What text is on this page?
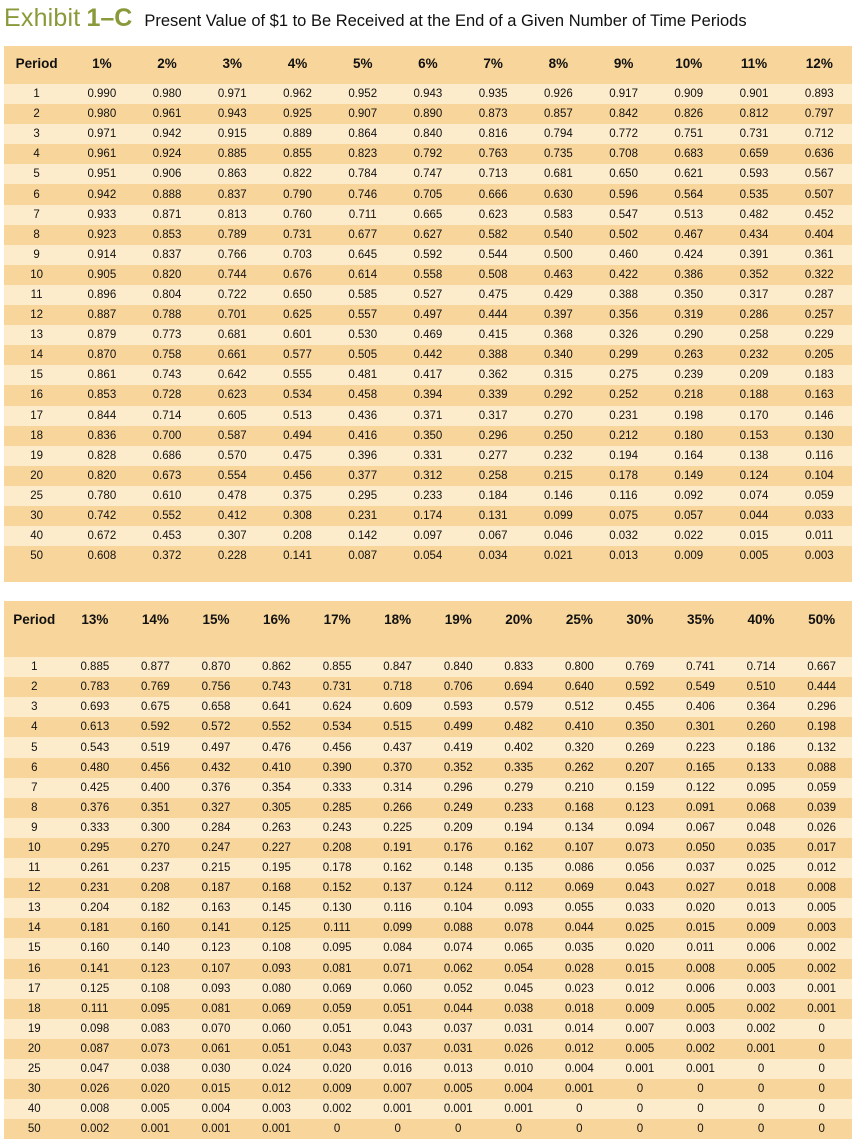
Exhibit 1–C Present Value of $1 to Be Received at the End of a Given Number of Time Periods
Period	1%	2%	3%	4%	5%	6%	7%	8%	9%	10%	11%	12%

1	0.990	0.980	0.971	0.962	0.952	0.943	0.935	0.926	0.917	0.909	0.901	0.893
2	0.980	0.961	0.943	0.925	0.907	0.890	0.873	0.857	0.842	0.826	0.812	0.797
3	0.971	0.942	0.915	0.889	0.864	0.840	0.816	0.794	0.772	0.751	0.731	0.712
4	0.961	0.924	0.885	0.855	0.823	0.792	0.763	0.735	0.708	0.683	0.659	0.636
5	0.951	0.906	0.863	0.822	0.784	0.747	0.713	0.681	0.650	0.621	0.593	0.567
6	0.942	0.888	0.837	0.790	0.746	0.705	0.666	0.630	0.596	0.564	0.535	0.507
7	0.933	0.871	0.813	0.760	0.711	0.665	0.623	0.583	0.547	0.513	0.482	0.452
8	0.923	0.853	0.789	0.731	0.677	0.627	0.582	0.540	0.502	0.467	0.434	0.404
9	0.914	0.837	0.766	0.703	0.645	0.592	0.544	0.500	0.460	0.424	0.391	0.361
10	0.905	0.820	0.744	0.676	0.614	0.558	0.508	0.463	0.422	0.386	0.352	0.322
11	0.896	0.804	0.722	0.650	0.585	0.527	0.475	0.429	0.388	0.350	0.317	0.287
12	0.887	0.788	0.701	0.625	0.557	0.497	0.444	0.397	0.356	0.319	0.286	0.257
13	0.879	0.773	0.681	0.601	0.530	0.469	0.415	0.368	0.326	0.290	0.258	0.229
14	0.870	0.758	0.661	0.577	0.505	0.442	0.388	0.340	0.299	0.263	0.232	0.205
15	0.861	0.743	0.642	0.555	0.481	0.417	0.362	0.315	0.275	0.239	0.209	0.183
16	0.853	0.728	0.623	0.534	0.458	0.394	0.339	0.292	0.252	0.218	0.188	0.163
17	0.844	0.714	0.605	0.513	0.436	0.371	0.317	0.270	0.231	0.198	0.170	0.146
18	0.836	0.700	0.587	0.494	0.416	0.350	0.296	0.250	0.212	0.180	0.153	0.130
19	0.828	0.686	0.570	0.475	0.396	0.331	0.277	0.232	0.194	0.164	0.138	0.116
20	0.820	0.673	0.554	0.456	0.377	0.312	0.258	0.215	0.178	0.149	0.124	0.104
25	0.780	0.610	0.478	0.375	0.295	0.233	0.184	0.146	0.116	0.092	0.074	0.059
30	0.742	0.552	0.412	0.308	0.231	0.174	0.131	0.099	0.075	0.057	0.044	0.033
40	0.672	0.453	0.307	0.208	0.142	0.097	0.067	0.046	0.032	0.022	0.015	0.011
50	0.608	0.372	0.228	0.141	0.087	0.054	0.034	0.021	0.013	0.009	0.005	0.003
Period	13%	14%	15%	16%	17%	18%	19%	20%	25%	30%	35%	40%	50%

1	0.885	0.877	0.870	0.862	0.855	0.847	0.840	0.833	0.800	0.769	0.741	0.714	0.667
2	0.783	0.769	0.756	0.743	0.731	0.718	0.706	0.694	0.640	0.592	0.549	0.510	0.444
3	0.693	0.675	0.658	0.641	0.624	0.609	0.593	0.579	0.512	0.455	0.406	0.364	0.296
4	0.613	0.592	0.572	0.552	0.534	0.515	0.499	0.482	0.410	0.350	0.301	0.260	0.198
5	0.543	0.519	0.497	0.476	0.456	0.437	0.419	0.402	0.320	0.269	0.223	0.186	0.132
6	0.480	0.456	0.432	0.410	0.390	0.370	0.352	0.335	0.262	0.207	0.165	0.133	0.088
7	0.425	0.400	0.376	0.354	0.333	0.314	0.296	0.279	0.210	0.159	0.122	0.095	0.059
8	0.376	0.351	0.327	0.305	0.285	0.266	0.249	0.233	0.168	0.123	0.091	0.068	0.039
9	0.333	0.300	0.284	0.263	0.243	0.225	0.209	0.194	0.134	0.094	0.067	0.048	0.026
10	0.295	0.270	0.247	0.227	0.208	0.191	0.176	0.162	0.107	0.073	0.050	0.035	0.017
11	0.261	0.237	0.215	0.195	0.178	0.162	0.148	0.135	0.086	0.056	0.037	0.025	0.012
12	0.231	0.208	0.187	0.168	0.152	0.137	0.124	0.112	0.069	0.043	0.027	0.018	0.008
13	0.204	0.182	0.163	0.145	0.130	0.116	0.104	0.093	0.055	0.033	0.020	0.013	0.005
14	0.181	0.160	0.141	0.125	0.111	0.099	0.088	0.078	0.044	0.025	0.015	0.009	0.003
15	0.160	0.140	0.123	0.108	0.095	0.084	0.074	0.065	0.035	0.020	0.011	0.006	0.002
16	0.141	0.123	0.107	0.093	0.081	0.071	0.062	0.054	0.028	0.015	0.008	0.005	0.002
17	0.125	0.108	0.093	0.080	0.069	0.060	0.052	0.045	0.023	0.012	0.006	0.003	0.001
18	0.111	0.095	0.081	0.069	0.059	0.051	0.044	0.038	0.018	0.009	0.005	0.002	0.001
19	0.098	0.083	0.070	0.060	0.051	0.043	0.037	0.031	0.014	0.007	0.003	0.002	0
20	0.087	0.073	0.061	0.051	0.043	0.037	0.031	0.026	0.012	0.005	0.002	0.001	0
25	0.047	0.038	0.030	0.024	0.020	0.016	0.013	0.010	0.004	0.001	0.001	0	0
30	0.026	0.020	0.015	0.012	0.009	0.007	0.005	0.004	0.001	0	0	0	0
40	0.008	0.005	0.004	0.003	0.002	0.001	0.001	0.001	0	0	0	0	0
50	0.002	0.001	0.001	0.001	0	0	0	0	0	0	0	0	0
